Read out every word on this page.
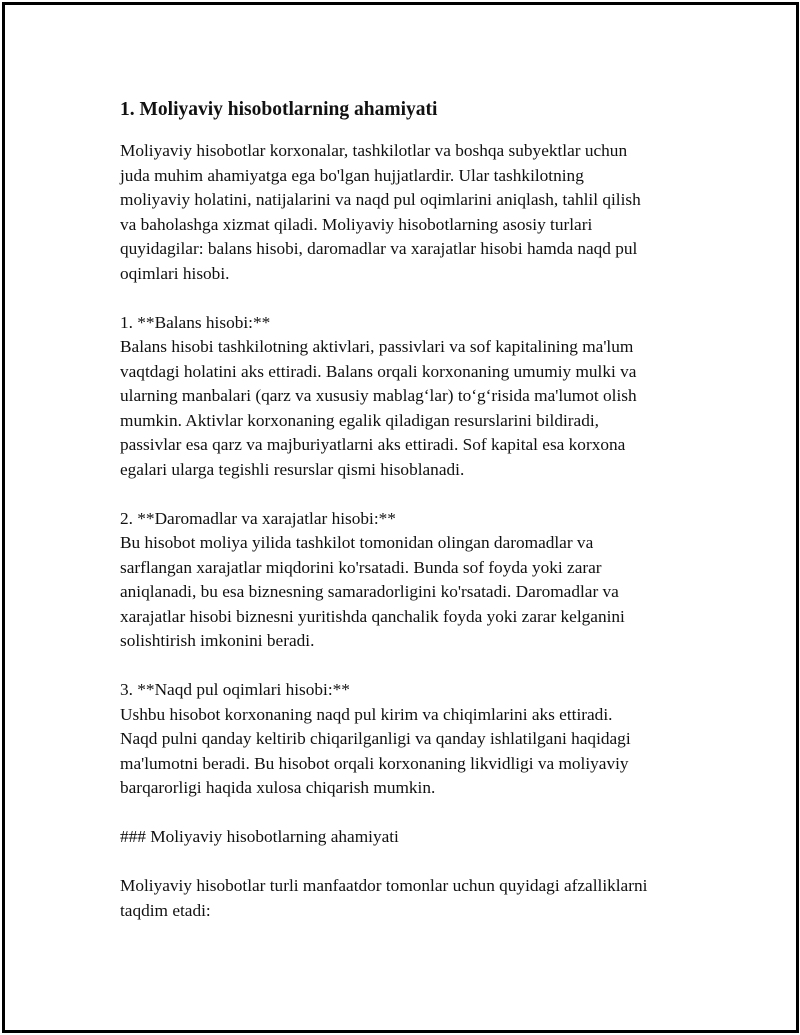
1. Moliyaviy hisobotlarning ahamiyati

Moliyaviy hisobotlar korxonalar, tashkilotlar va boshqa subyektlar uchun
juda muhim ahamiyatga ega bo'lgan hujjatlardir. Ular tashkilotning
moliyaviy holatini, natijalarini va naqd pul oqimlarini aniqlash, tahlil qilish
va baholashga xizmat qiladi. Moliyaviy hisobotlarning asosiy turlari
quyidagilar: balans hisobi, daromadlar va xarajatlar hisobi hamda naqd pul
oqimlari hisobi.

1. **Balans hisobi:**

Balans hisobi tashkilotning aktivlari, passivlari va sof kapitalining ma'lum
vaqtdagi holatini aks ettiradi. Balans orqali korxonaning umumiy mulki va
ularning manbalari (qarz va xususiy mablag‘lar) to‘g‘risida ma'lumot olish
mumkin. Aktivlar korxonaning egalik qiladigan resurslarini bildiradi,
passivlar esa qarz va majburiyatlarni aks ettiradi. Sof kapital esa korxona
egalari ularga tegishli resurslar qismi hisoblanadi.

2. **Daromadlar va xarajatlar hisobi:**

Bu hisobot moliya yilida tashkilot tomonidan olingan daromadlar va
sarflangan xarajatlar miqdorini ko'rsatadi. Bunda sof foyda yoki zarar
aniqlanadi, bu esa biznesning samaradorligini ko'rsatadi. Daromadlar va
xarajatlar hisobi biznesni yuritishda qanchalik foyda yoki zarar kelganini
solishtirish imkonini beradi.

3. **Naqd pul oqimlari hisobi:**

Ushbu hisobot korxonaning naqd pul kirim va chiqimlarini aks ettiradi.
Naqd pulni qanday keltirib chiqarilganligi va qanday ishlatilgani haqidagi
ma'lumotni beradi. Bu hisobot orqali korxonaning likvidligi va moliyaviy
barqarorligi haqida xulosa chiqarish mumkin.

### Moliyaviy hisobotlarning ahamiyati

Moliyaviy hisobotlar turli manfaatdor tomonlar uchun quyidagi afzalliklarni
taqdim etadi:
